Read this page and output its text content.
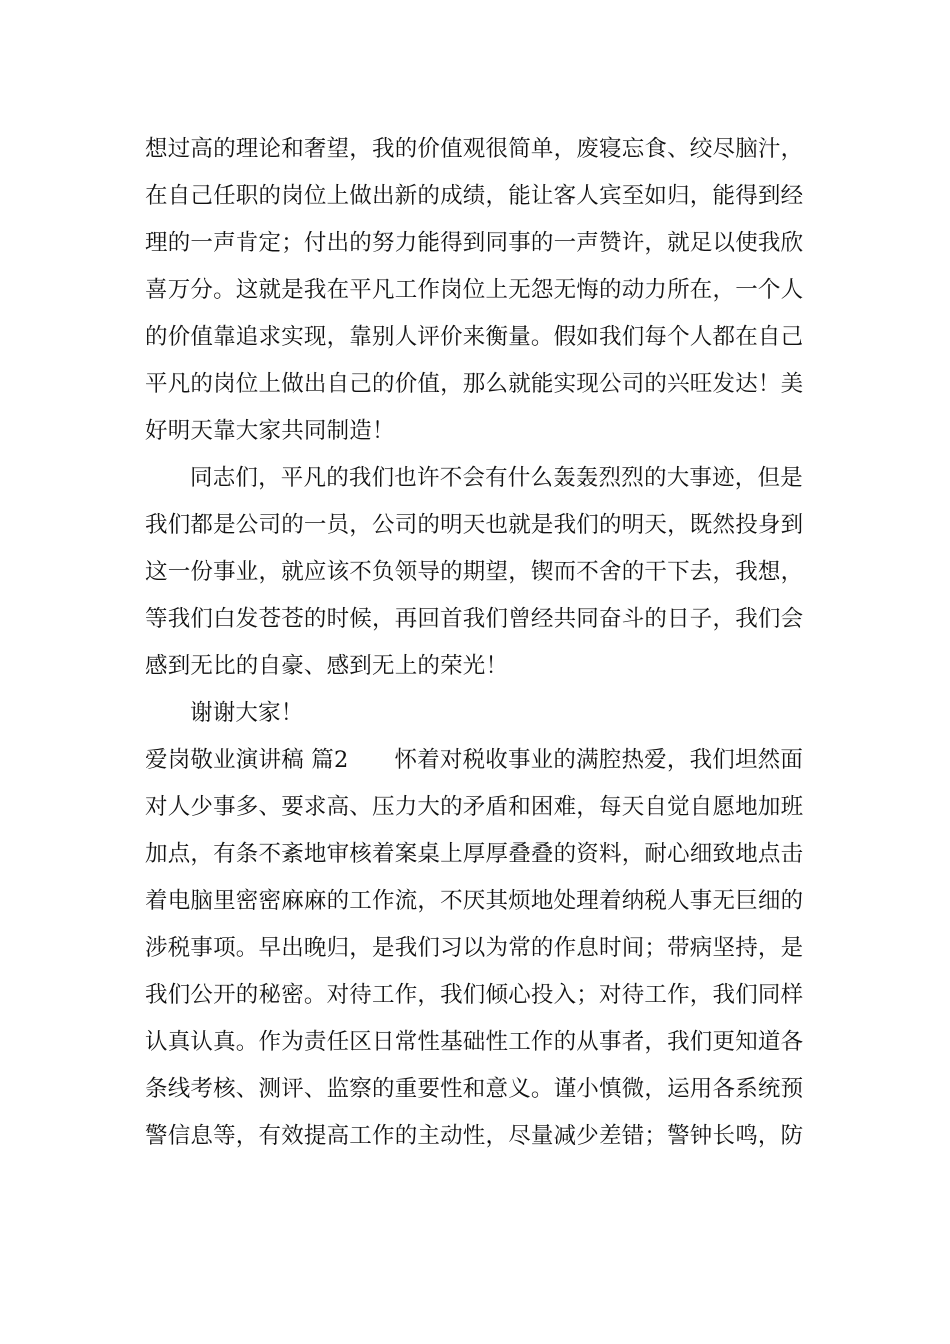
想过高的理论和奢望，我的价值观很简单，废寝忘食、绞尽脑汁，
在自己任职的岗位上做出新的成绩，能让客人宾至如归，能得到经
理的一声肯定；付出的努力能得到同事的一声赞许，就足以使我欣
喜万分。这就是我在平凡工作岗位上无怨无悔的动力所在，一个人
的价值靠追求实现，靠别人评价来衡量。假如我们每个人都在自己
平凡的岗位上做出自己的价值，那么就能实现公司的兴旺发达！美
好明天靠大家共同制造！
同志们，平凡的我们也许不会有什么轰轰烈烈的大事迹，但是
我们都是公司的一员，公司的明天也就是我们的明天，既然投身到
这一份事业，就应该不负领导的期望，锲而不舍的干下去，我想，
等我们白发苍苍的时候，再回首我们曾经共同奋斗的日子，我们会
感到无比的自豪、感到无上的荣光！
谢谢大家！
爱岗敬业演讲稿 篇2 怀着对税收事业的满腔热爱，我们坦然面
对人少事多、要求高、压力大的矛盾和困难，每天自觉自愿地加班
加点，有条不紊地审核着案桌上厚厚叠叠的资料，耐心细致地点击
着电脑里密密麻麻的工作流，不厌其烦地处理着纳税人事无巨细的
涉税事项。早出晚归，是我们习以为常的作息时间；带病坚持，是
我们公开的秘密。对待工作，我们倾心投入；对待工作，我们同样
认真认真。作为责任区日常性基础性工作的从事者，我们更知道各
条线考核、测评、监察的重要性和意义。谨小慎微，运用各系统预
警信息等，有效提高工作的主动性，尽量减少差错；警钟长鸣，防
